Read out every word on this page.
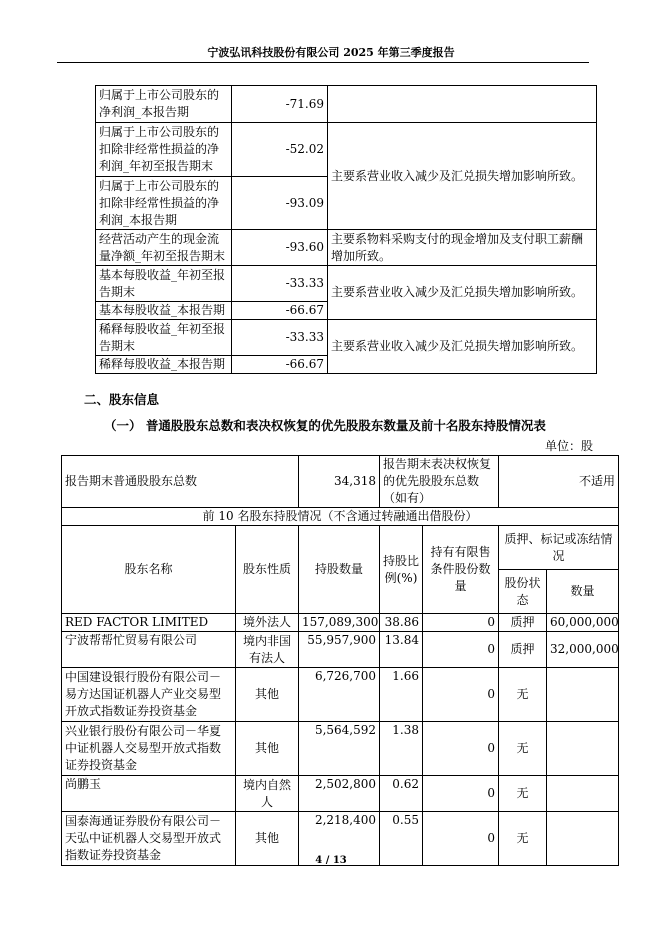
宁波弘讯科技股份有限公司 2025 年第三季度报告
归属于上市公司股东的净利润_本报告期	-71.69	
归属于上市公司股东的扣除非经常性损益的净利润_年初至报告期末	-52.02	主要系营业收入减少及汇兑损失增加影响所致。
归属于上市公司股东的扣除非经常性损益的净利润_本报告期	-93.09	
经营活动产生的现金流量净额_年初至报告期末	-93.60	主要系物料采购支付的现金增加及支付职工薪酬增加所致。
基本每股收益_年初至报告期末	-33.33	主要系营业收入减少及汇兑损失增加影响所致。
基本每股收益_本报告期	-66.67	
稀释每股收益_年初至报告期末	-33.33	主要系营业收入减少及汇兑损失增加影响所致。
稀释每股收益_本报告期	-66.67	
二、股东信息
（一） 普通股股东总数和表决权恢复的优先股股东数量及前十名股东持股情况表
单位：股
报告期末普通股股东总数		34,318	报告期末表决权恢复的优先股股东总数（如有）		不适用	
前 10 名股东持股情况（不含通过转融通出借股份）						
股东名称	股东性质	持股数量	持股比例(%)	持有有限售条件股份数量	质押、标记或冻结情况	
					股份状态	数量
RED FACTOR LIMITED	境外法人	157,089,300	38.86	0	质押	60,000,000
宁波帮帮忙贸易有限公司	境内非国有法人	55,957,900	13.84	0	质押	32,000,000
中国建设银行股份有限公司－易方达国证机器人产业交易型开放式指数证券投资基金	其他	6,726,700	1.66	0	无	
兴业银行股份有限公司－华夏中证机器人交易型开放式指数证券投资基金	其他	5,564,592	1.38	0	无	
尚鹏玉	境内自然人	2,502,800	0.62	0	无	
国泰海通证券股份有限公司－天弘中证机器人交易型开放式指数证券投资基金	其他	2,218,400	0.55	0	无	
4 / 13
